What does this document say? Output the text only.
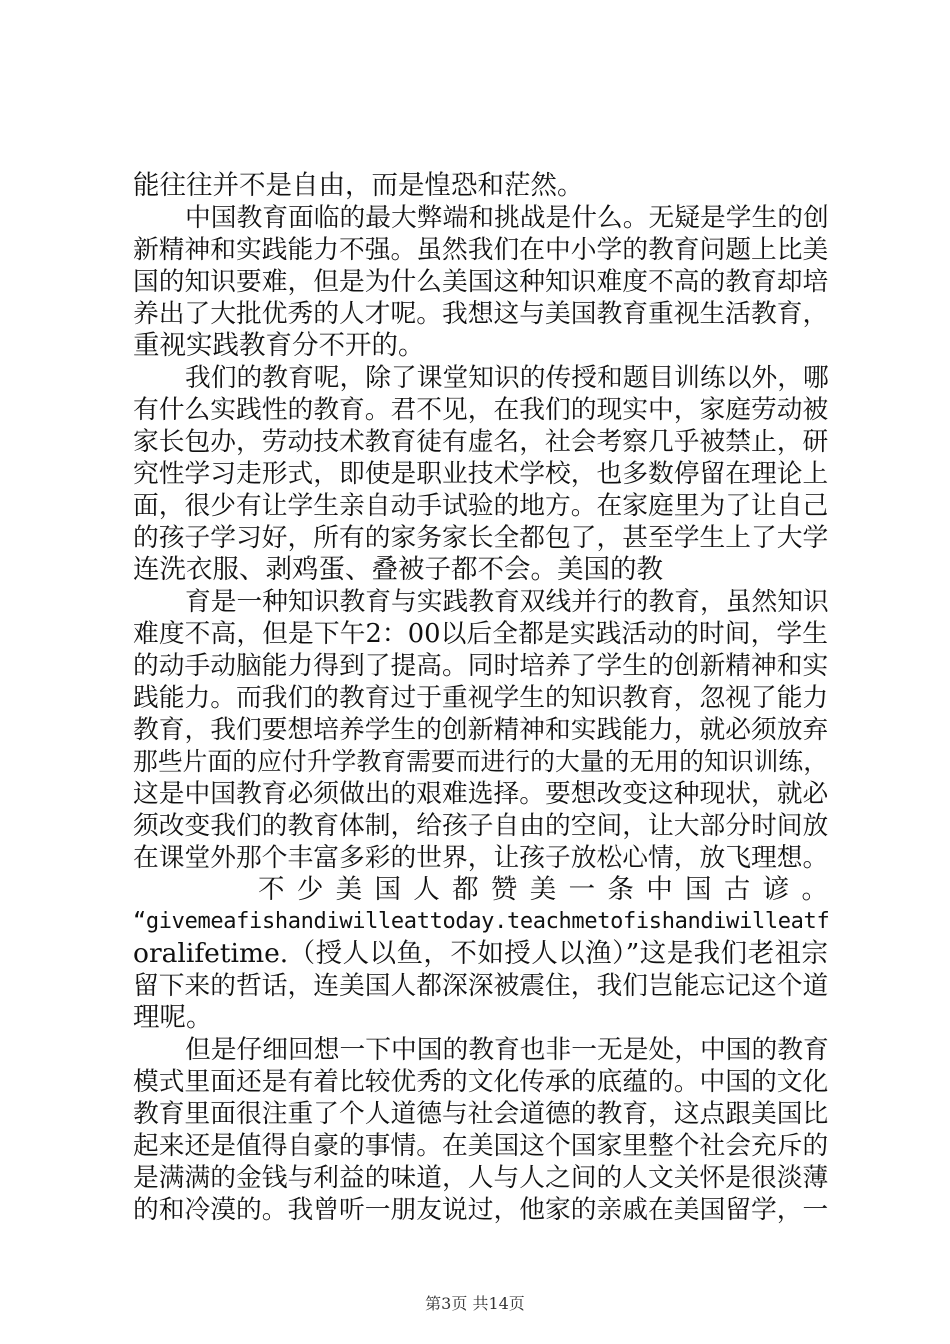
能往往并不是自由，而是惶恐和茫然。
中国教育面临的最大弊端和挑战是什么。无疑是学生的创
新精神和实践能力不强。虽然我们在中小学的教育问题上比美
国的知识要难，但是为什么美国这种知识难度不高的教育却培
养出了大批优秀的人才呢。我想这与美国教育重视生活教育，
重视实践教育分不开的。
我们的教育呢，除了课堂知识的传授和题目训练以外，哪
有什么实践性的教育。君不见，在我们的现实中，家庭劳动被
家长包办，劳动技术教育徒有虚名，社会考察几乎被禁止，研
究性学习走形式，即使是职业技术学校，也多数停留在理论上
面，很少有让学生亲自动手试验的地方。在家庭里为了让自己
的孩子学习好，所有的家务家长全都包了，甚至学生上了大学
连洗衣服、剥鸡蛋、叠被子都不会。美国的教
育是一种知识教育与实践教育双线并行的教育，虽然知识
难度不高，但是下午2：00以后全都是实践活动的时间，学生
的动手动脑能力得到了提高。同时培养了学生的创新精神和实
践能力。而我们的教育过于重视学生的知识教育，忽视了能力
教育，我们要想培养学生的创新精神和实践能力，就必须放弃
那些片面的应付升学教育需要而进行的大量的无用的知识训练，
这是中国教育必须做出的艰难选择。要想改变这种现状，就必
须改变我们的教育体制，给孩子自由的空间，让大部分时间放
在课堂外那个丰富多彩的世界，让孩子放松心情，放飞理想。
不少美国人都赞美一条中国古谚。
“givemeafishandiwilleattoday.teachmetofishandiwilleatf
oralifetime.（授人以鱼，不如授人以渔）”这是我们老祖宗
留下来的哲话，连美国人都深深被震住，我们岂能忘记这个道
理呢。
但是仔细回想一下中国的教育也非一无是处，中国的教育
模式里面还是有着比较优秀的文化传承的底蕴的。中国的文化
教育里面很注重了个人道德与社会道德的教育，这点跟美国比
起来还是值得自豪的事情。在美国这个国家里整个社会充斥的
是满满的金钱与利益的味道，人与人之间的人文关怀是很淡薄
的和冷漠的。我曾听一朋友说过，他家的亲戚在美国留学，一
第3页 共14页
